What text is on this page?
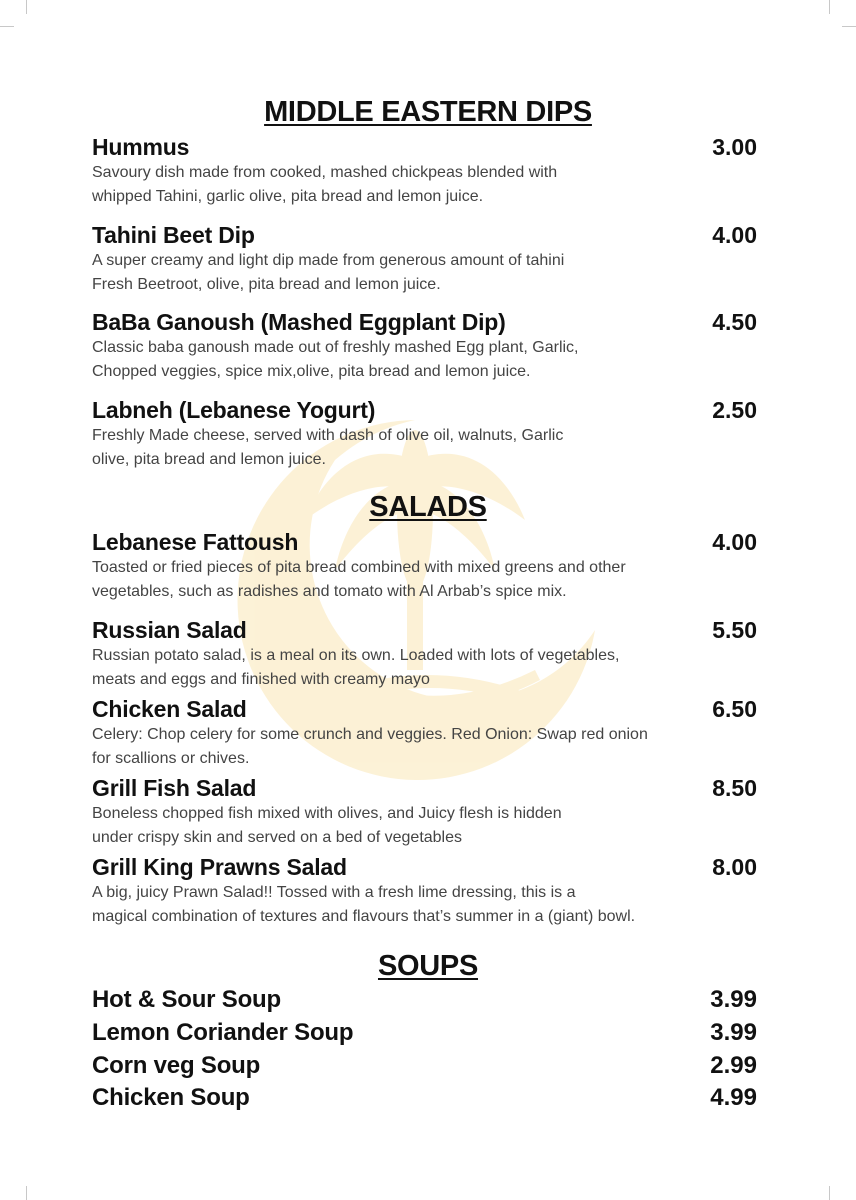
MIDDLE EASTERN DIPS
Hummus	3.00
Savoury dish made from cooked, mashed chickpeas blended with
whipped Tahini, garlic olive, pita bread and lemon juice.
Tahini Beet Dip	4.00
A super creamy and light dip made from generous amount of tahini
Fresh Beetroot, olive, pita bread and lemon juice.
BaBa Ganoush (Mashed Eggplant Dip)	4.50
Classic baba ganoush made out of freshly mashed Egg plant, Garlic,
Chopped veggies, spice mix,olive, pita bread and lemon juice.
Labneh (Lebanese Yogurt)	2.50
Freshly Made cheese, served with dash of olive oil, walnuts, Garlic
olive, pita bread and lemon juice.
SALADS
Lebanese Fattoush	4.00
Toasted or fried pieces of pita bread combined with mixed greens and other
vegetables, such as radishes and tomato with Al Arbab’s spice mix.
Russian Salad	5.50
Russian potato salad, is a meal on its own. Loaded with lots of vegetables,
meats and eggs and finished with creamy mayo
Chicken Salad	6.50
Celery: Chop celery for some crunch and veggies. Red Onion: Swap red onion
for scallions or chives.
Grill Fish Salad	8.50
Boneless chopped fish mixed with olives, and Juicy flesh is hidden
under crispy skin and served on a bed of vegetables
Grill King Prawns Salad	8.00
A big, juicy Prawn Salad!! Tossed with a fresh lime dressing, this is a
magical combination of textures and flavours that’s summer in a (giant) bowl.
SOUPS
Hot & Sour Soup	3.99
Lemon Coriander Soup	3.99
Corn veg Soup	2.99
Chicken Soup	4.99
